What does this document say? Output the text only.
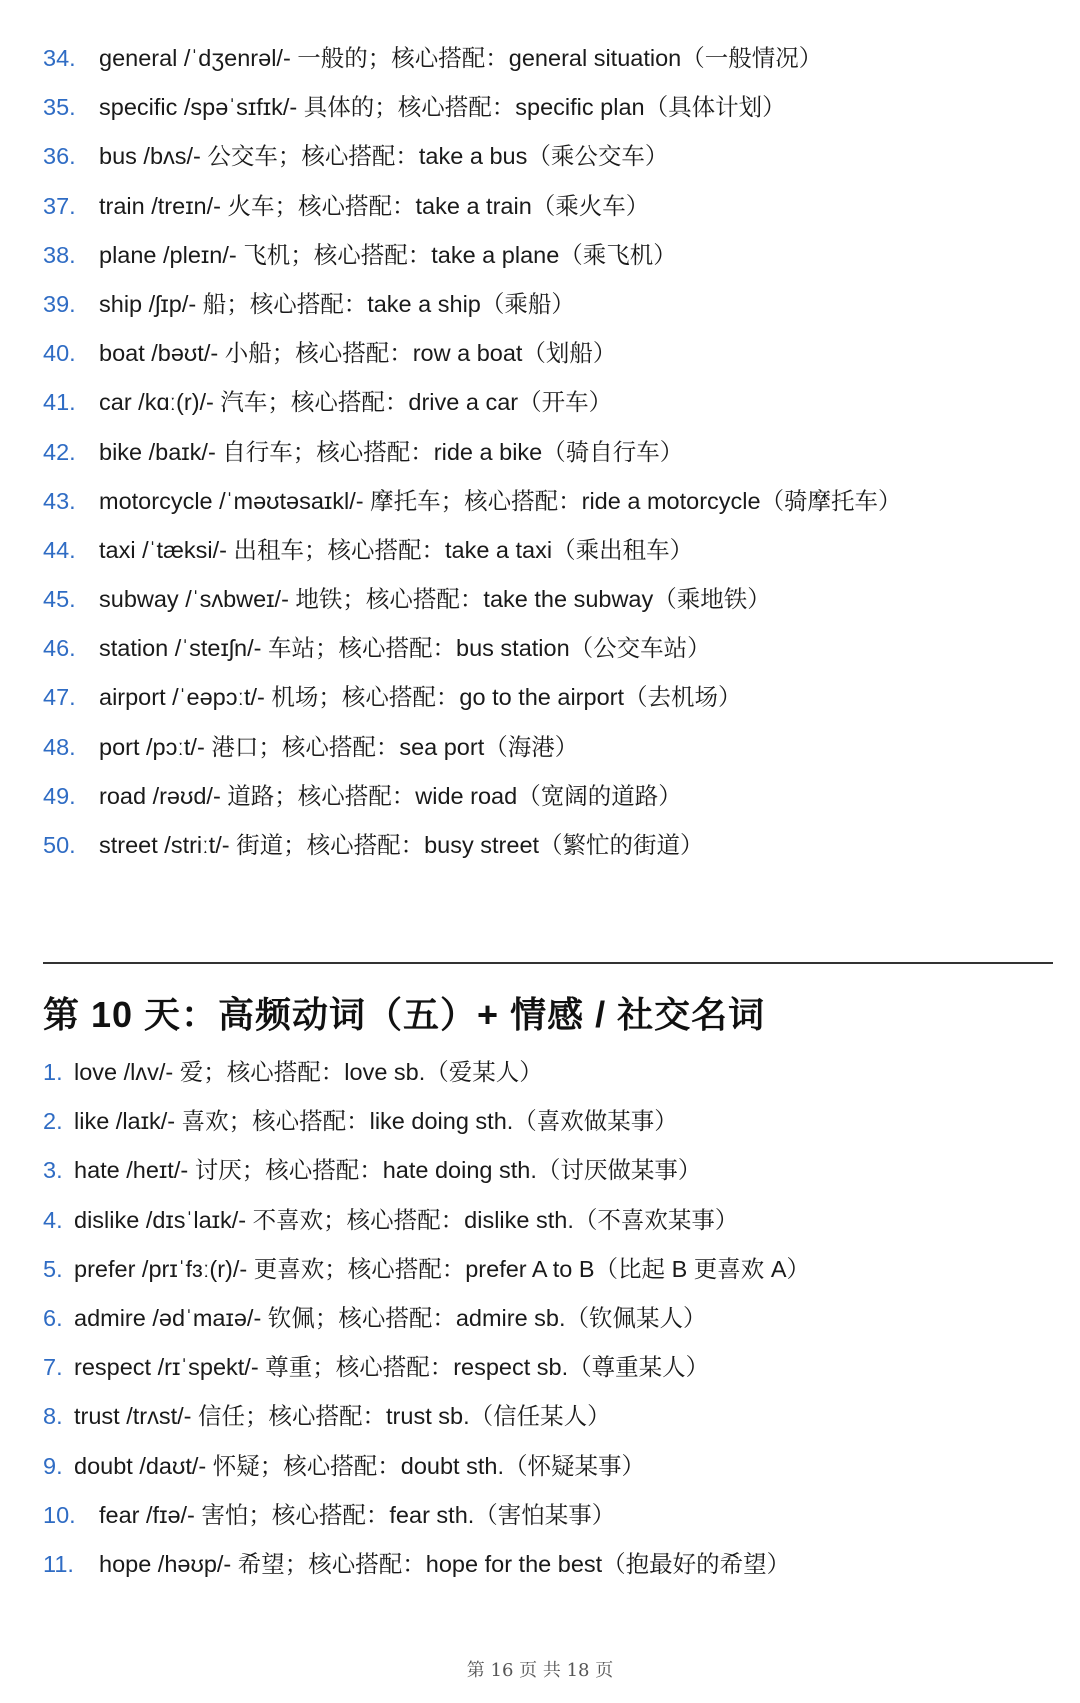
34. general /ˈdʒenrəl/- 一般的；核心搭配：general situation（一般情况）
35. specific /spəˈsɪfɪk/- 具体的；核心搭配：specific plan（具体计划）
36. bus /bʌs/- 公交车；核心搭配：take a bus（乘公交车）
37. train /treɪn/- 火车；核心搭配：take a train（乘火车）
38. plane /pleɪn/- 飞机；核心搭配：take a plane（乘飞机）
39. ship /ʃɪp/- 船；核心搭配：take a ship（乘船）
40. boat /bəʊt/- 小船；核心搭配：row a boat（划船）
41. car /kɑː(r)/- 汽车；核心搭配：drive a car（开车）
42. bike /baɪk/- 自行车；核心搭配：ride a bike（骑自行车）
43. motorcycle /ˈməʊtəsaɪkl/- 摩托车；核心搭配：ride a motorcycle（骑摩托车）
44. taxi /ˈtæksi/- 出租车；核心搭配：take a taxi（乘出租车）
45. subway /ˈsʌbweɪ/- 地铁；核心搭配：take the subway（乘地铁）
46. station /ˈsteɪʃn/- 车站；核心搭配：bus station（公交车站）
47. airport /ˈeəpɔːt/- 机场；核心搭配：go to the airport（去机场）
48. port /pɔːt/- 港口；核心搭配：sea port（海港）
49. road /rəʊd/- 道路；核心搭配：wide road（宽阔的道路）
50. street /striːt/- 街道；核心搭配：busy street（繁忙的街道）
第 10 天：高频动词（五）+ 情感 / 社交名词
1. love /lʌv/- 爱；核心搭配：love sb.（爱某人）
2. like /laɪk/- 喜欢；核心搭配：like doing sth.（喜欢做某事）
3. hate /heɪt/- 讨厌；核心搭配：hate doing sth.（讨厌做某事）
4. dislike /dɪsˈlaɪk/- 不喜欢；核心搭配：dislike sth.（不喜欢某事）
5. prefer /prɪˈfɜː(r)/- 更喜欢；核心搭配：prefer A to B（比起 B 更喜欢 A）
6. admire /ədˈmaɪə/- 钦佩；核心搭配：admire sb.（钦佩某人）
7. respect /rɪˈspekt/- 尊重；核心搭配：respect sb.（尊重某人）
8. trust /trʌst/- 信任；核心搭配：trust sb.（信任某人）
9. doubt /daʊt/- 怀疑；核心搭配：doubt sth.（怀疑某事）
10. fear /fɪə/- 害怕；核心搭配：fear sth.（害怕某事）
11. hope /həʊp/- 希望；核心搭配：hope for the best（抱最好的希望）
第 16 页 共 18 页
